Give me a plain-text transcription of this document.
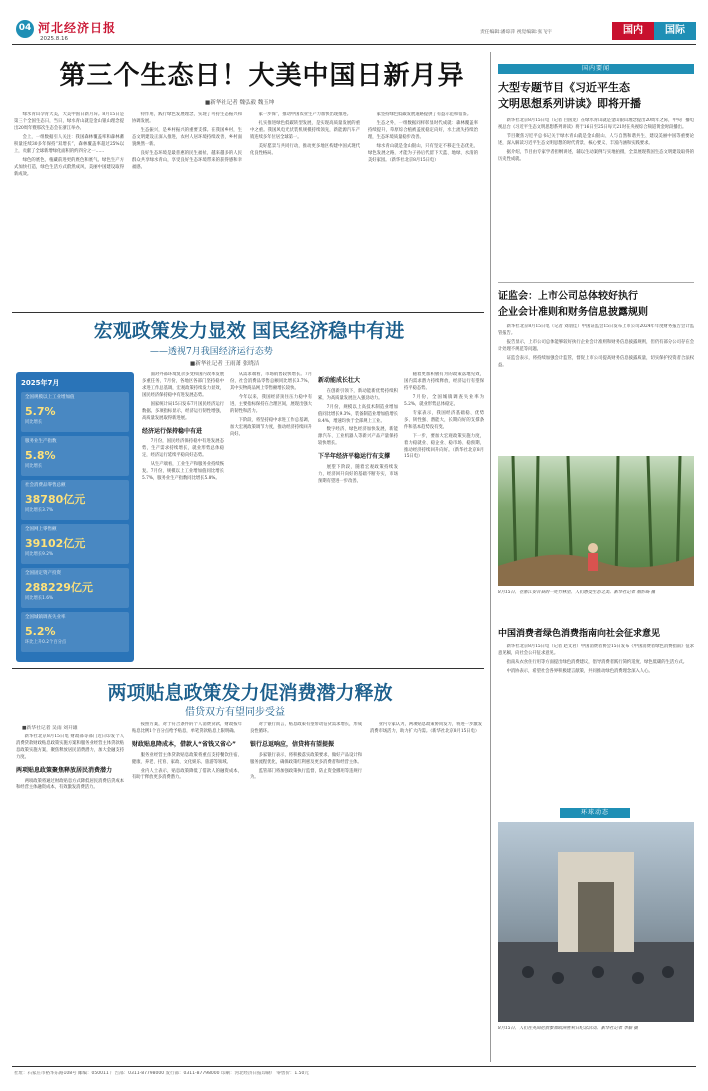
04 河北经济日报
2025.8.16
责任编辑:潘琼萍 视觉编辑:张飞宇	国内	国际
第三个生态日！大美中国日新月异
■新华社记者 魏弘毅 魏玉坤

绿水青山孕育大美，大美中国日新月异。8月15日是第三个全国生态日，当日，绿水青山就是金山银山理念提出20周年暨那次生态会在浙江举办。

会上，一组数据引人关注：我国森林覆盖率和森林蓄积量连续30多年保持“双增长”，森林覆盖率超过25%以上，贡献了全球新增绿化面积的约四分之一……

绿色的底色，植藏前进更的底色和底气。绿色生产方式加快打造，绿色生活方式蔚然成风，美丽中国建设取得新成效。

特作用，践行绿色发展理念，实现了可持生态振兴和协调发展。

生态振兴，是乡村振兴的重要支撑。在我国乡村，生态文明建设正深入推进，农村人居环境持续改善，乡村面貌焕然一新。

良好生态环境是最普惠的民生福祉，越来越多的人民群众共享绿水青山，享受良好生态环境带来的获得感和幸福感。

家一步保”，推动中国农业生产力加快出现推进。

扎实推进绿色低碳转型发展，是实现高质量发展的重中之重。我国风电光伏装机规模持续领先，新能源汽车产销连续多年位居全球第一。

美好愿景与共同行动，推动更多地区构建中国式现代化良性格局。

家坚持绿色低碳发展道路提供了有益示范和借鉴。

生态之外，一组数据同样彰显时代成就：森林覆盖率持续提升，草原综合植被盖度稳定向好，水土流失持续治理，生态环境质量稳步改善。

绿水青山就是金山银山，只有坚定不移走生态优先、绿色发展之路，才能为子孙后代留下天蓝、地绿、水清的美好家园。（新华社北京8月15日电）

宏观政策发力显效 国民经济稳中有进
——透视7月我国经济运行态势
■新华社记者 王雨萧 张晓洁
2025年7月
全国规模以上工业增加值
5.7%
同比增长
服务业生产指数
5.8%
同比增长
社会消费品零售总额
38780亿元
同比增长3.7%
全国网上零售额
39102亿元
同比增长9.2%
全国固定资产投资
288229亿元
同比增长1.6%
全国城镇调查失业率
5.2%
环比上升0.2个百分点

面对外部环境复杂多变和国内改革发展多重任务，7月份，各地区各部门坚持稳中求进工作总基调，宏观政策持续发力显效，国民经济保持稳中有进发展态势。

国家统计局15日发布7月国民经济运行数据。多项指标显示，经济运行韧性增强，高质量发展取得新进展。

经济运行保持稳中有进

7月份，国民经济保持稳中有进发展态势，生产需求持续增长，就业形势总体稳定，经济运行延续平稳向好态势。

从生产端看，工业生产和服务业持续恢复。7月份，规模以上工业增加值同比增长5.7%，服务业生产指数同比增长5.8%。

从需求端看，市场销售较快增长。7月份，社会消费品零售总额同比增长3.7%，其中实物商品网上零售额增长较快。

今年以来，我国经济顶住压力稳中有进，主要指标保持在合理区间，展现出强大的韧性和活力。

下阶段，将坚持稳中求进工作总基调，加大宏观政策调节力度，推动经济持续回升向好。

新动能成长壮大

在创新引领下，新动能新优势持续积累，为高质量发展注入强劲动力。

7月份，规模以上高技术制造业增加值同比增长9.3%，装备制造业增加值增长8.4%，增速均快于全部规上工业。

数字经济、绿色经济加快发展，新能源汽车、工业机器人等新兴产品产量保持较快增长。

下半年经济平稳运行有支撑

展望下阶段，随着宏观政策持续发力，经济回升向好的基础不断夯实，市场预期有望进一步改善。

随着更加积极有为的政策落地见效，国内需求潜力持续释放，经济运行有望保持平稳态势。

7月份，全国城镇调查失业率为5.2%，就业形势总体稳定。

专家表示，我国经济基础稳、优势多、韧性强、潜能大，长期向好的支撑条件和基本趋势没有变。

下一步，要加大宏观政策实施力度，着力稳就业、稳企业、稳市场、稳预期，推动经济持续回升向好。（新华社北京8月15日电）

两项贴息政策发力促消费潜力释放
借贷双方有望同步受益
■新华社记者 吴雨 刘开雄

新华社北京8月15日电 财政部等部门近日印发个人消费贷款财政贴息政策实施方案和服务业经营主体贷款贴息政策实施方案，聚焦释放居民消费潜力，加大金融支持力度。

两项贴息政策聚焦释放居民消费潜力

两项政策将通过财政贴息方式降低居民消费信贷成本和经营主体融资成本，有效激发消费活力。

按照方案，对于符合条件的个人消费贷款，财政按年贴息比例1个百分点给予贴息，单笔贷款贴息上限明确。

财政贴息降成本，借款人“省钱又省心”

服务业经营主体贷款贴息政策将重点支持餐饮住宿、健康、养老、托育、家政、文化娱乐、旅游等领域。

业内人士表示，贴息政策降低了借款人的融资成本，有助于释放更多消费潜力。

对于银行而言，贴息政策有望带动信贷需求增长，形成良性循环。

银行总返响应，信贷将有望提振

多家银行表示，将积极落实政策要求，做好产品设计和服务流程优化，确保政策红利惠及更多消费者和经营主体。

监管部门将加强政策执行监督，防止资金挪用等违规行为。

业内专家认为，两项贴息政策协同发力，将进一步激发消费市场活力，助力扩大内需。（新华社北京8月15日电）

国内要闻
大型专题节目《习近平生态
文明思想系列讲读》即将开播

新华社北京8月15日电（记者 白国龙）在绿水青山就是金山银山理念提出20周年之际，中央广播电视总台《习近平生态文明思想系列讲读》将于16日至25日每天21时在央视综合频道黄金时段播出。

节目聚焦习近平总书记关于绿水青山就是金山银山、人与自然和谐共生、建设美丽中国等重要论述，深入解读习近平生态文明思想的时代背景、核心要义、丰富内涵和实践要求。

据介绍，节目由专家学者担纲讲述，辅以生动案例与实地拍摄，全景展现我国生态文明建设取得的历史性成就。

证监会：上市公司总体较好执行
企业会计准则和财务信息披露规则

新华社北京8月15日电（记者 刘羽佳）中国证监会15日发布上市公司2024年年度财务报告会计监管报告。

报告显示，上市公司总体能够较好执行企业会计准则和财务信息披露规则，但仍有部分公司存在会计处理不规范等问题。

证监会表示，将持续加强会计监管，督促上市公司提高财务信息披露质量，切实保护投资者合法权益。

8月15日，在浙江安吉县的一处竹林里，人们感受生态之美。新华社记者 翁忻旸 摄
中国消费者绿色消费指南向社会征求意见

新华社北京8月15日电（记者 赵文君）中国消费者协会15日发布《中国消费者绿色消费指南》征求意见稿，向社会公开征求意见。

指南从衣食住行用等方面提出绿色消费建议，倡导消费者践行简约适度、绿色低碳的生活方式。

中消协表示，希望社会各界积极建言献策，共同推动绿色消费理念深入人心。

环球动态
8月15日，人们在英国伦敦参加欧洲胜利日纪念活动。新华社记者 李颖 摄
社址：石家庄市裕华东路108号 邮编：050011 广告部：0311-87798000 发行部：0311-87798000 印刷：河北经济日报印刷厂 零售价：1.50元
